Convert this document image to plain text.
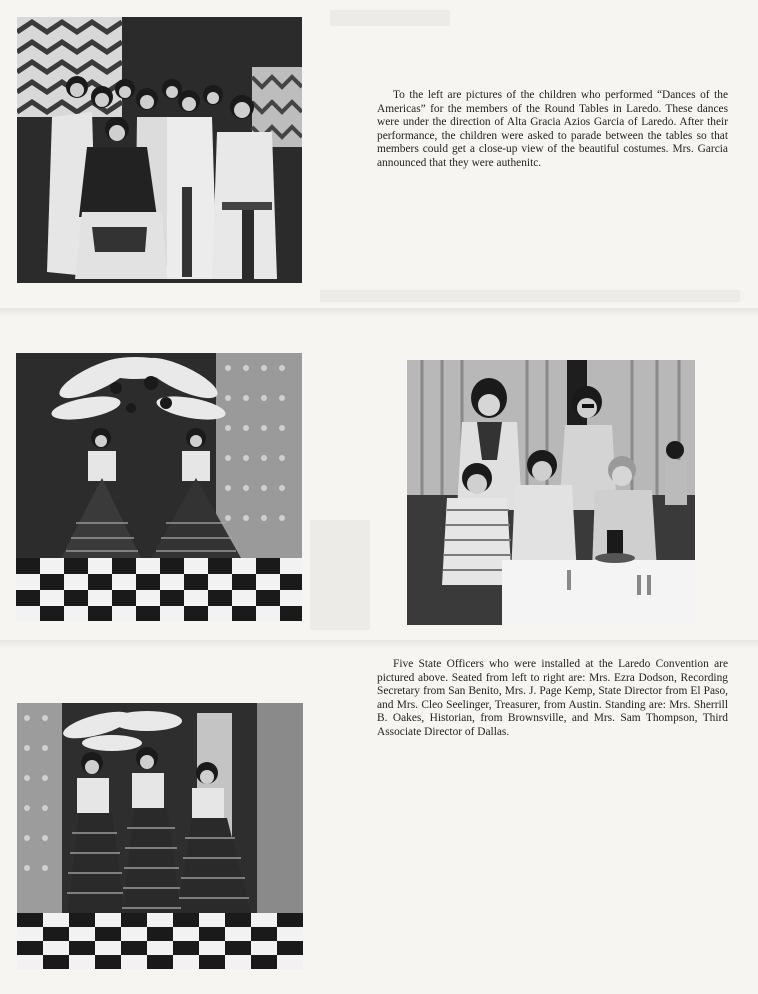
To the left are pictures of the children who performed “Dances of the Americas” for the members of the Round Tables in Laredo. These dances were under the direction of Alta Gracia Azios Garcia of Laredo. After their performance, the children were asked to parade between the tables so that members could get a close-up view of the beautiful costumes. Mrs. Garcia announced that they were authenitc.

Five State Officers who were installed at the Laredo Convention are pictured above. Seated from left to right are: Mrs. Ezra Dodson, Recording Secretary from San Benito, Mrs. J. Page Kemp, State Director from El Paso, and Mrs. Cleo Seelinger, Treasurer, from Austin. Standing are: Mrs. Sherrill B. Oakes, Historian, from Brownsville, and Mrs. Sam Thompson, Third Associate Director of Dallas.
